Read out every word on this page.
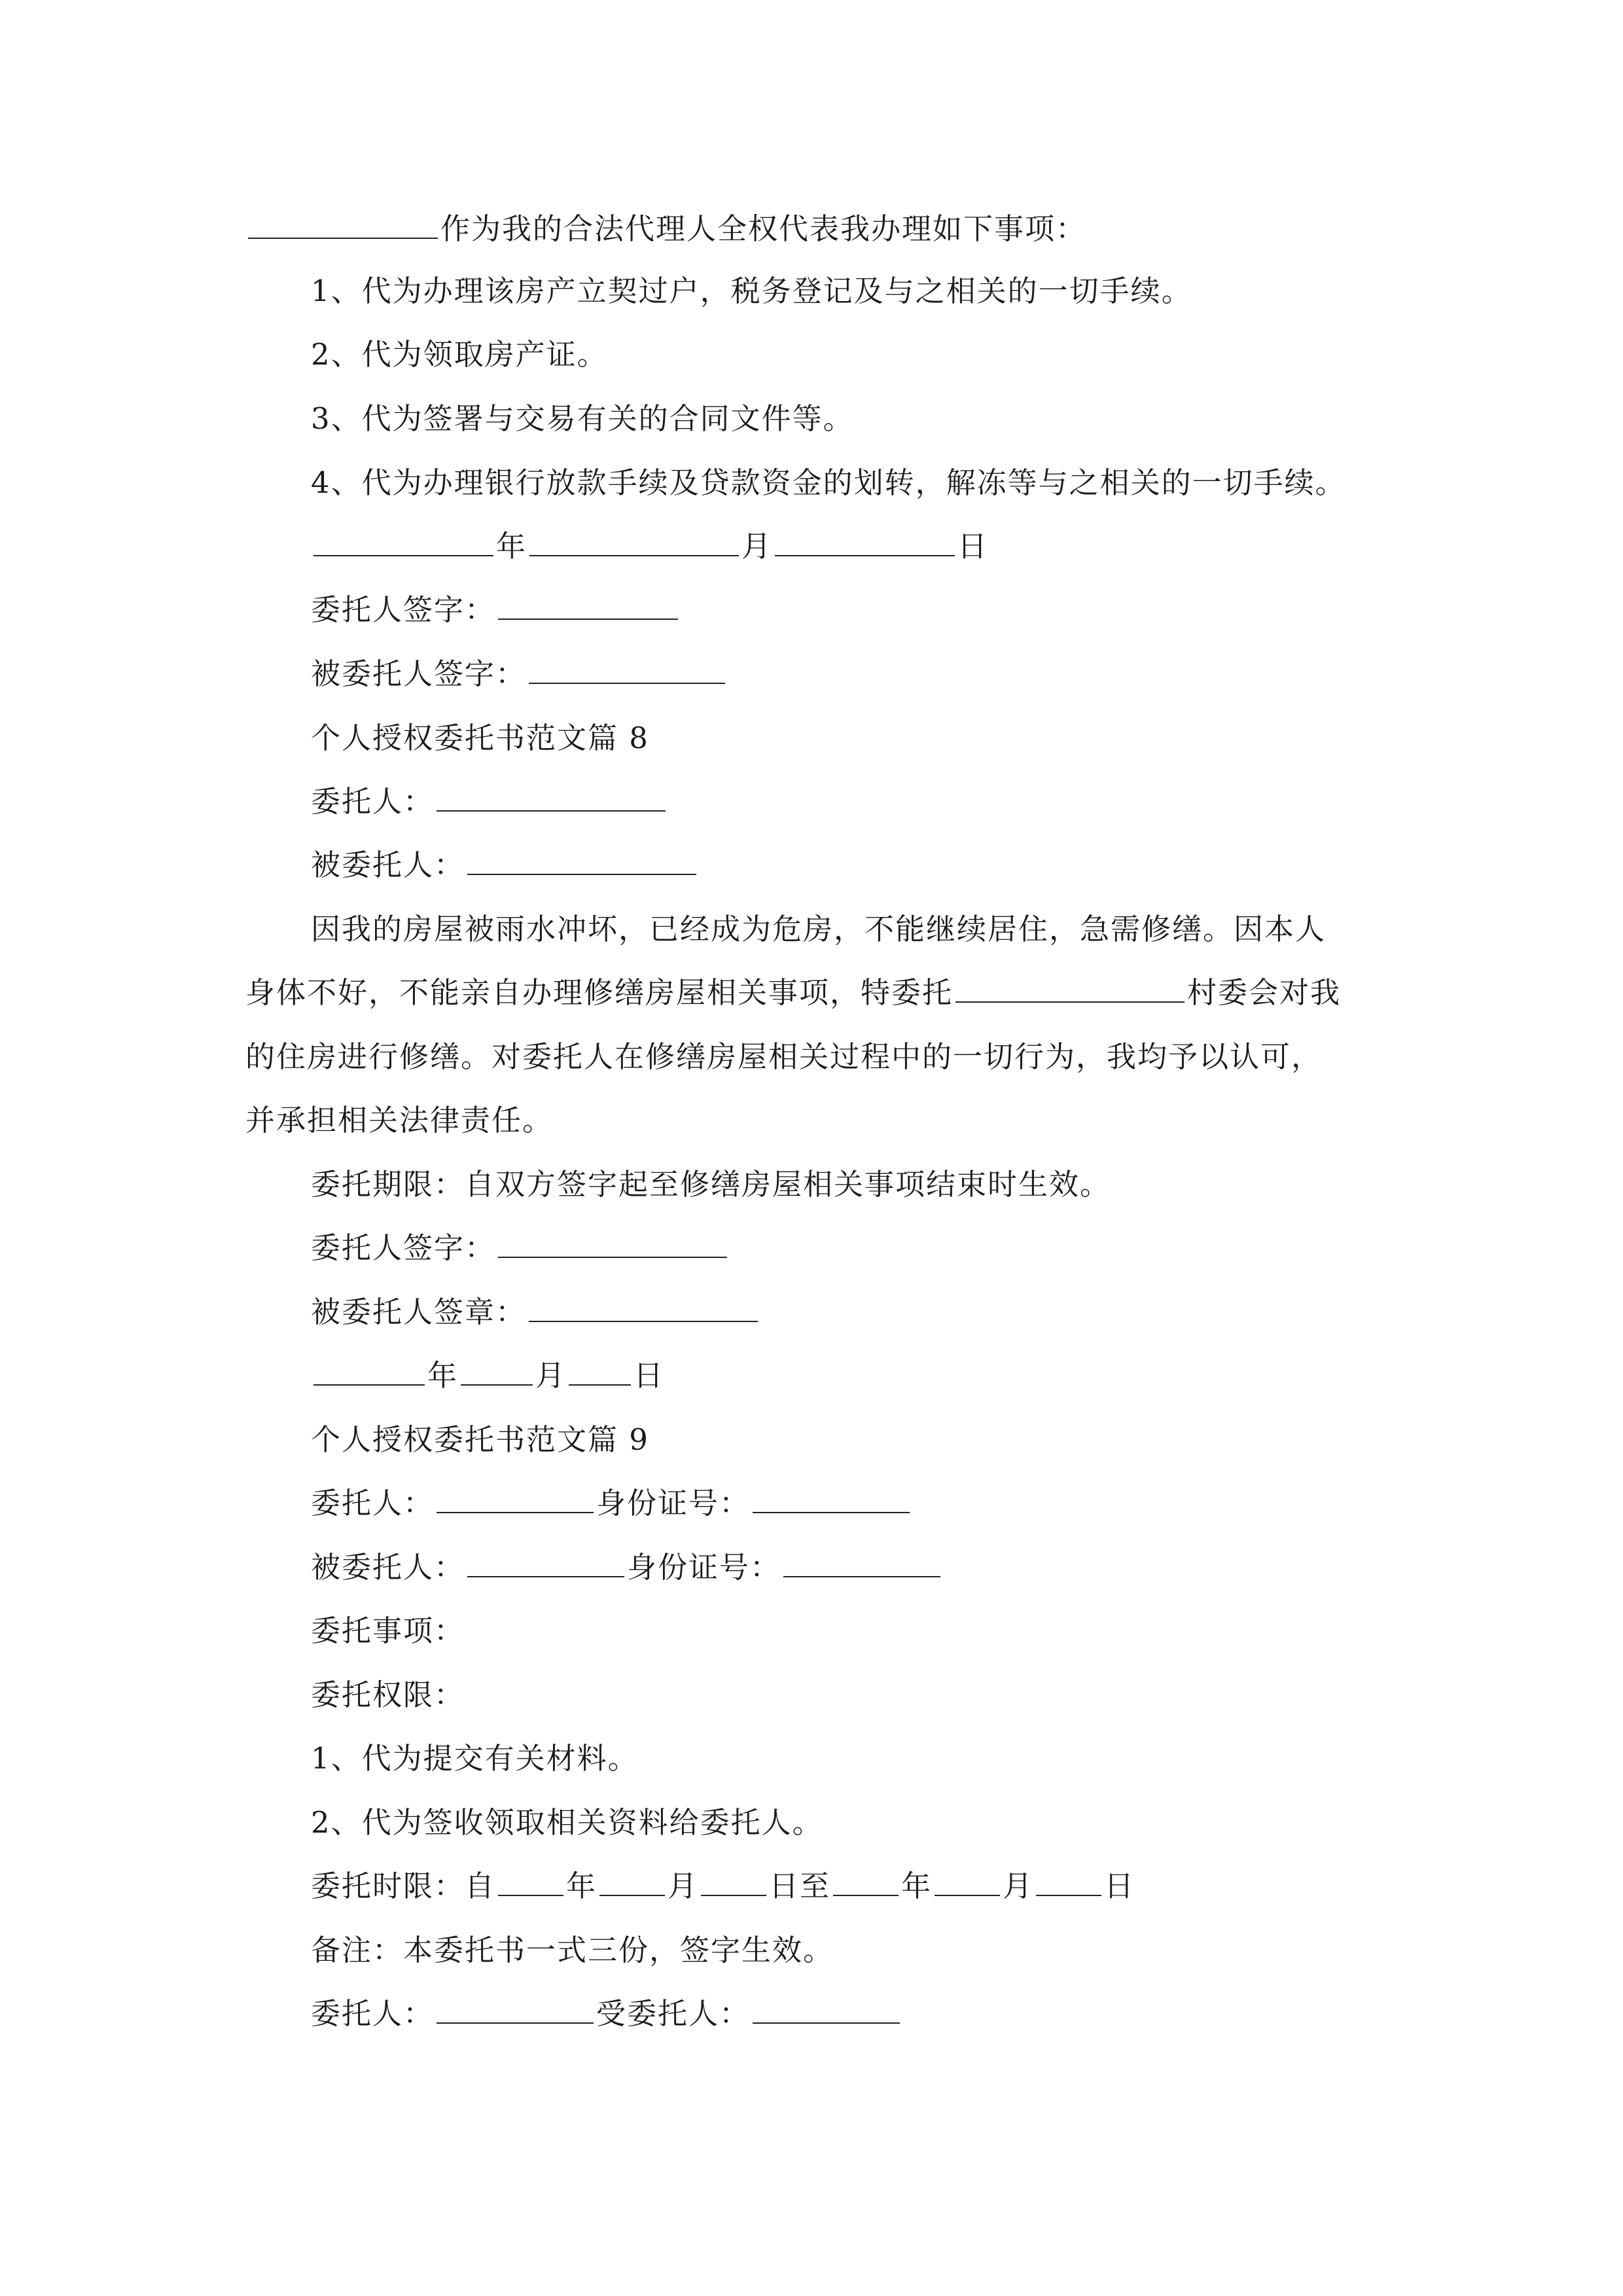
作为我的合法代理人全权代表我办理如下事项：
1、代为办理该房产立契过户，税务登记及与之相关的一切手续。
2、代为领取房产证。
3、代为签署与交易有关的合同文件等。
4、代为办理银行放款手续及贷款资金的划转，解冻等与之相关的一切手续。
年	月	日
委托人签字：
被委托人签字：
个人授权委托书范文篇 8
委托人：
被委托人：
因我的房屋被雨水冲坏，已经成为危房，不能继续居住，急需修缮。因本人
身体不好，不能亲自办理修缮房屋相关事项，特委托	村委会对我
的住房进行修缮。对委托人在修缮房屋相关过程中的一切行为，我均予以认可，
并承担相关法律责任。
委托期限：自双方签字起至修缮房屋相关事项结束时生效。
委托人签字：
被委托人签章：
年	月 日
个人授权委托书范文篇 9
委托人：	身份证号：
被委托人：	身份证号：
委托事项：
委托权限：
1、代为提交有关材料。
2、代为签收领取相关资料给委托人。
委托时限：自 年 月 日至 年 月 日
备注：本委托书一式三份，签字生效。
委托人：	受委托人：
